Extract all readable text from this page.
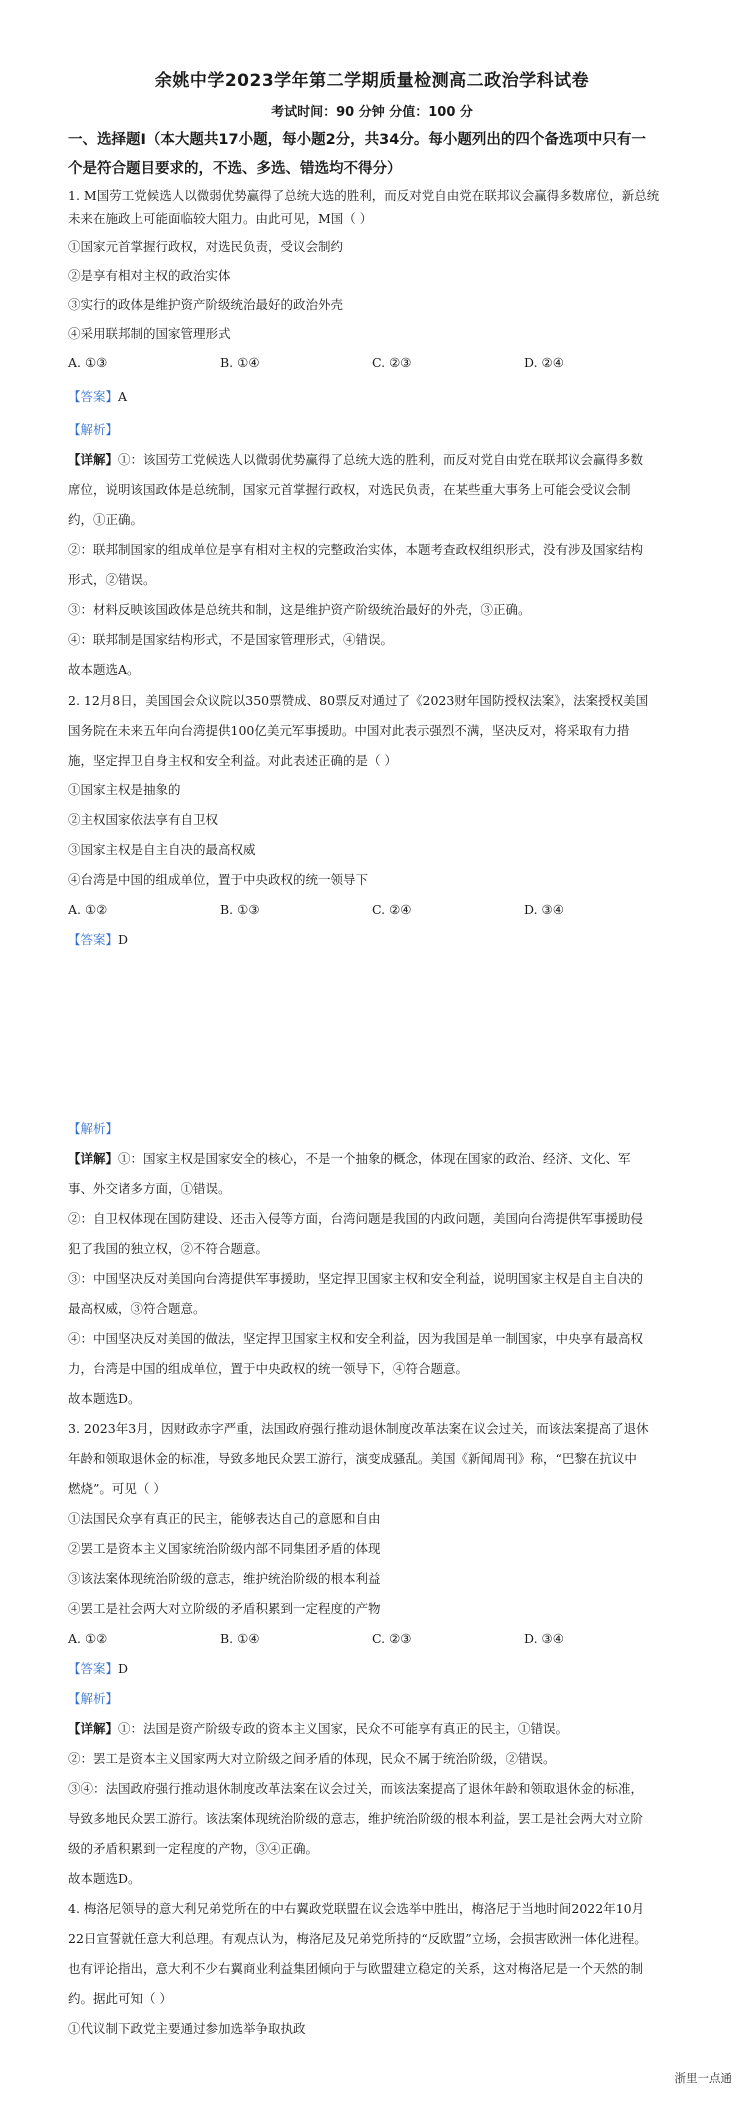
余姚中学2023学年第二学期质量检测高二政治学科试卷
考试时间：90 分钟 分值：100 分
一、选择题Ⅰ（本大题共17小题，每小题2分，共34分。每小题列出的四个备选项中只有一
个是符合题目要求的，不选、多选、错选均不得分）
1. M国劳工党候选人以微弱优势赢得了总统大选的胜利，而反对党自由党在联邦议会赢得多数席位，新总统
未来在施政上可能面临较大阻力。由此可见，M国（ ）
①国家元首掌握行政权，对选民负责，受议会制约
②是享有相对主权的政治实体
③实行的政体是维护资产阶级统治最好的政治外壳
④采用联邦制的国家管理形式
A. ①③	B. ①④	C. ②③	D. ②④
【答案】A
【解析】
【详解】①：该国劳工党候选人以微弱优势赢得了总统大选的胜利，而反对党自由党在联邦议会赢得多数
席位，说明该国政体是总统制，国家元首掌握行政权，对选民负责，在某些重大事务上可能会受议会制
约，①正确。
②：联邦制国家的组成单位是享有相对主权的完整政治实体，本题考查政权组织形式，没有涉及国家结构
形式，②错误。
③：材料反映该国政体是总统共和制，这是维护资产阶级统治最好的外壳，③正确。
④：联邦制是国家结构形式，不是国家管理形式，④错误。
故本题选A。
2. 12月8日，美国国会众议院以350票赞成、80票反对通过了《2023财年国防授权法案》，法案授权美国
国务院在未来五年向台湾提供100亿美元军事援助。中国对此表示强烈不满，坚决反对，将采取有力措
施，坚定捍卫自身主权和安全利益。对此表述正确的是（ ）
①国家主权是抽象的
②主权国家依法享有自卫权
③国家主权是自主自决的最高权威
④台湾是中国的组成单位，置于中央政权的统一领导下
A. ①②	B. ①③	C. ②④	D. ③④
【答案】D
【解析】
【详解】①：国家主权是国家安全的核心，不是一个抽象的概念，体现在国家的政治、经济、文化、军
事、外交诸多方面，①错误。
②：自卫权体现在国防建设、还击入侵等方面，台湾问题是我国的内政问题，美国向台湾提供军事援助侵
犯了我国的独立权，②不符合题意。
③：中国坚决反对美国向台湾提供军事援助，坚定捍卫国家主权和安全利益，说明国家主权是自主自决的
最高权威，③符合题意。
④：中国坚决反对美国的做法，坚定捍卫国家主权和安全利益，因为我国是单一制国家，中央享有最高权
力，台湾是中国的组成单位，置于中央政权的统一领导下，④符合题意。
故本题选D。
3. 2023年3月，因财政赤字严重，法国政府强行推动退休制度改革法案在议会过关，而该法案提高了退休
年龄和领取退休金的标准，导致多地民众罢工游行，演变成骚乱。美国《新闻周刊》称，“巴黎在抗议中
燃烧”。可见（ ）
①法国民众享有真正的民主，能够表达自己的意愿和自由
②罢工是资本主义国家统治阶级内部不同集团矛盾的体现
③该法案体现统治阶级的意志，维护统治阶级的根本利益
④罢工是社会两大对立阶级的矛盾积累到一定程度的产物
A. ①②	B. ①④	C. ②③	D. ③④
【答案】D
【解析】
【详解】①：法国是资产阶级专政的资本主义国家，民众不可能享有真正的民主，①错误。
②：罢工是资本主义国家两大对立阶级之间矛盾的体现，民众不属于统治阶级，②错误。
③④：法国政府强行推动退休制度改革法案在议会过关，而该法案提高了退休年龄和领取退休金的标准，
导致多地民众罢工游行。该法案体现统治阶级的意志，维护统治阶级的根本利益，罢工是社会两大对立阶
级的矛盾积累到一定程度的产物，③④正确。
故本题选D。
4. 梅洛尼领导的意大利兄弟党所在的中右翼政党联盟在议会选举中胜出，梅洛尼于当地时间2022年10月
22日宣誓就任意大利总理。有观点认为，梅洛尼及兄弟党所持的“反欧盟”立场，会损害欧洲一体化进程。
也有评论指出，意大利不少右翼商业利益集团倾向于与欧盟建立稳定的关系，这对梅洛尼是一个天然的制
约。据此可知（ ）
①代议制下政党主要通过参加选举争取执政
浙里一点通
